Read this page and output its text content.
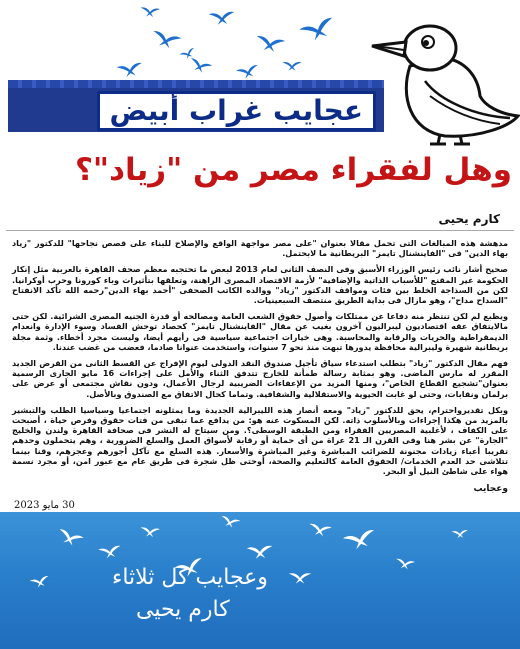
عجايب غراب أبيض
وهل لفقراء مصر من "زياد"؟
كارم يحيى

مدهشة هذه المبالغات التى تحمل مقالا بعنوان "على مصر مواجهة الواقع والإصلاح للبناء على قصص نجاحها" للدكتور "زياد بهاء الدين" فى "الفاينشنال تايمز" البريطانية ما لابحتمل.

صحيح أشار نائب رئيس الوزراء الأسبق وفى النصف الثانى لعام 2013 لبعض ما تحتجبه معظم صحف القاهرة بالعربية مثل إنكار الحكومة غير المقنع "للأسباب الذاتية والإضافية" لأزمة الاقتصاد المصرى الراهنة، وتعلقها بتأثيرات وباء كورونا وحرب أوكرانيا. لكن من السذاجة الخلط بين فئات ومواقف الدكتور "زياد" ووالده الكاتب الصحفى "أحمد بهاء الدين"رحمه الله تأكد الانفتاح "السداح مداح"، وهو مازال فى بداية الطريق منتصف السبعينيات.

ويظبع لم لكن تنتظر منه دفاعا عن ممتلكات وأصول حقوق الشعب العامة ومصالحه أو قدرة الجنيه المصرى الشرائية. لكن حتى مالايتفاق عقه اقتصاديون ليبراليون آخرون بغيب عن مقال "الفاينشنال تايمز" كحصاد توحش الفساد وسوء الإدارة وانعدام الديمقراطية والحريات والرقابة والمحاسبة. وهى خيارات اجتماعية سياسية فى رأيهم أيضا، وليست مجرد أخطاء. وثمة مجلة بريطانية شهيرة وليبرالية محافظة يدورها تبهت منذ نحو 7 سنوات، واستخدمت عنوانا صادما، فعضب من غضب عندنا.

فهم مقال الدكتور "زياد" بتطلب استدعاء سياق تأجيل صندوق النقد الدولى ليوم الإفراج عن القسط الثانى من القرض الجديد المقرر له مارس الماضى. وهو بمثابة رسالة طمأنة للخارج تتدفق الثناء والأمل على إجراءات 16 مايو الجارى الرسمية بعنوان"تشجيع القطاع الخاص"، ومنها المزيد من الإعفاءات الضريبية لرجال الأعمال، ودون نقاش مجتمعى أو عرض على برلمان ونقابات، وحتى لو غابت الحيوية والاستقلالية والشفافية. وتماما كحال الاتفاق مع الصندوق وبالأصل.

وبكل تقديرواحترام، يحق للدكتور "زياد" ومعه أنصار هذه الليبرالية الجديدة وما يمثلونه اجتماعيا وسياسيا الطلب والتبشير بالمزيد من هكذا إجراءات وبالأسلوب ذاته. لكن المسكوت عنه هو: من يدافع عما تبقى من فتات حقوق وفرص حياة ، أصبحت على الكفاف ، لأغلبية المصريين الفقراء ومن الطبقة الوسطى؟. ومن سيتاح له النشر فى صحافة القاهرة ولندن والخليج "الجارة" عن بشر هنا وفى القرن الـ 21 عراة من أى حماية أو رقابة لأسواق العمل والسلع الضرورية ، وهم يتحملون وحدهم تقريبا أعباء زيادات مجنونة للضرائب المباشرة وغير المباشرة والأسعار. هذه السلع مع تآكل أجورهم وعجزهم، وقنا بينما تتلاشى حد العدم الخدمات/ الحقوق العامة كالتعليم والصحة، أوحتى ظل شجرة فى طريق عام مع عبور امن، أو مجرد نسمة هواء على شاطئ النيل أو البحر.

وعجايب
30 مايو 2023
وعجايب كل ثلاثاء
كارم يحيى
